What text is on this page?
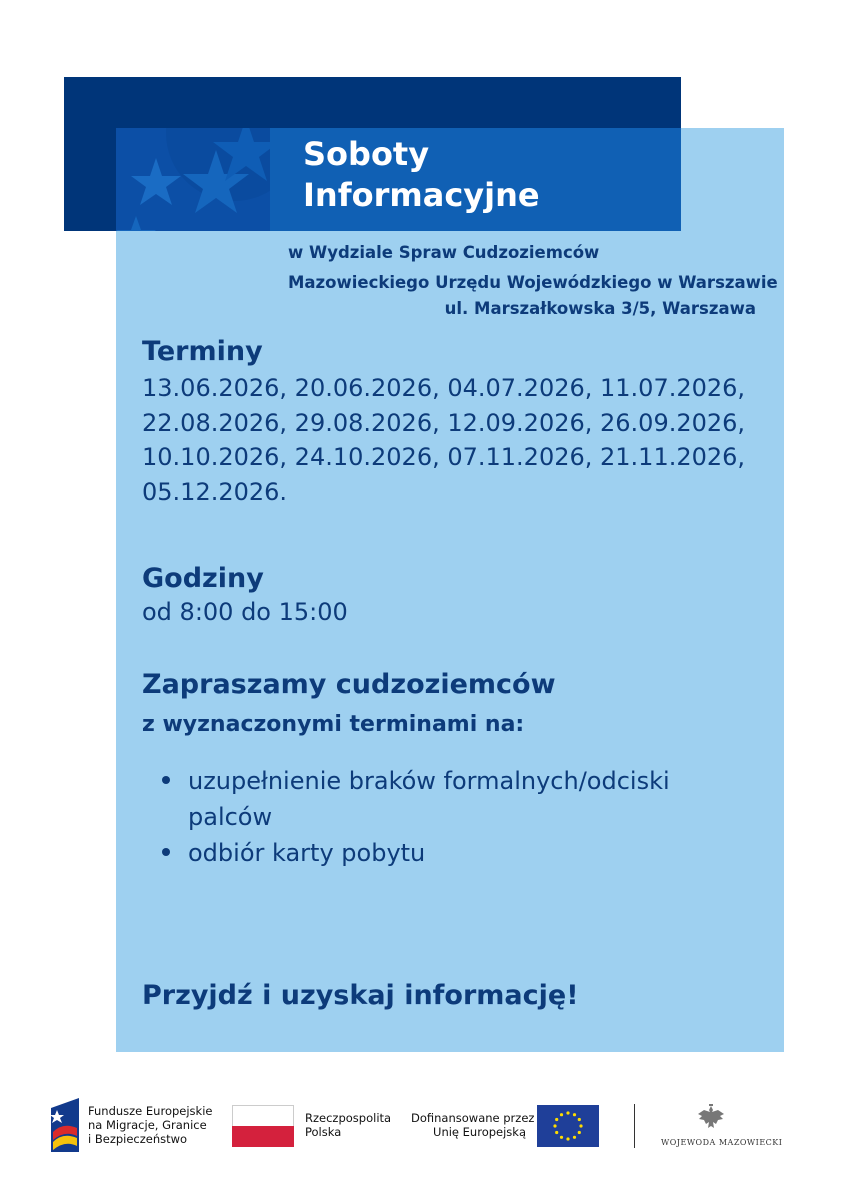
Soboty
Informacyjne
w Wydziale Spraw Cudzoziemców
Mazowieckiego Urzędu Wojewódzkiego w Warszawie
ul. Marszałkowska 3/5, Warszawa
Terminy
13.06.2026, 20.06.2026, 04.07.2026, 11.07.2026,
22.08.2026, 29.08.2026, 12.09.2026, 26.09.2026,
10.10.2026, 24.10.2026, 07.11.2026, 21.11.2026,
05.12.2026.
Godziny
od 8:00 do 15:00
Zapraszamy cudzoziemców
z wyznaczonymi terminami na:
uzupełnienie braków formalnych/odciski palców
odbiór karty pobytu
Przyjdź i uzyskaj informację!
Fundusze Europejskie
na Migracje, Granice
i Bezpieczeństwo
Rzeczpospolita
Polska
Dofinansowane przez
Unię Europejską
WOJEWODA MAZOWIECKI
